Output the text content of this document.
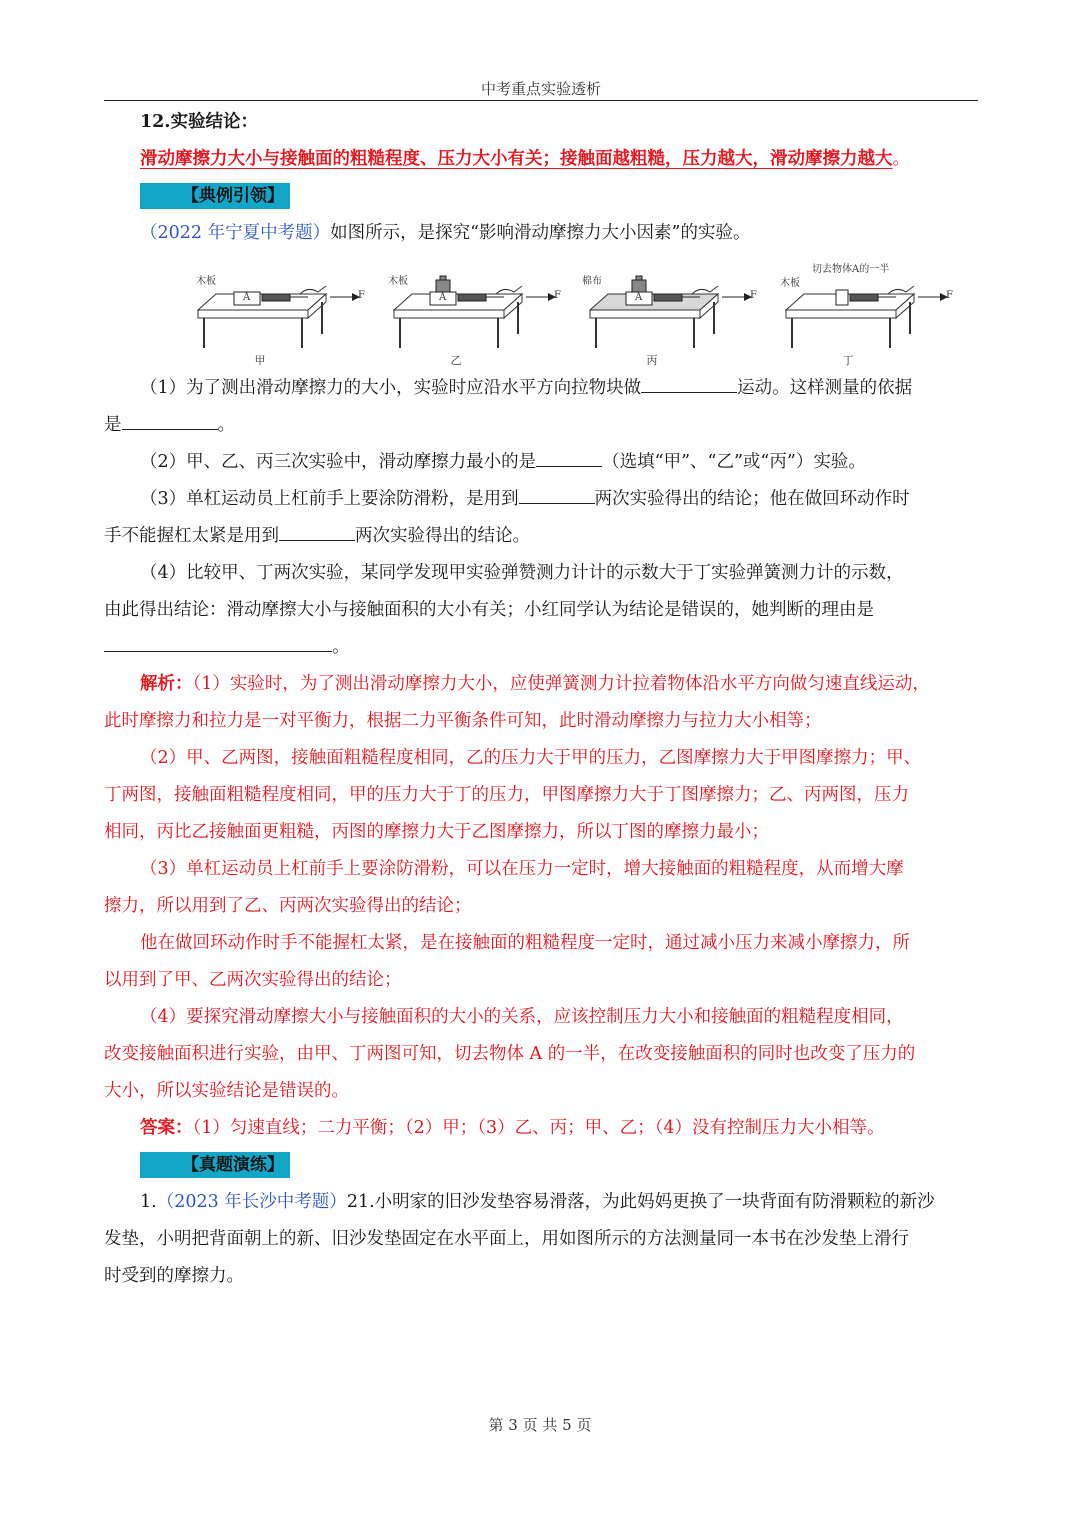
中考重点实验透析

12.实验结论：

滑动摩擦力大小与接触面的粗糙程度、压力大小有关；接触面越粗糙，压力越大，滑动摩擦力越大。

【典例引领】

（2022 年宁夏中考题）如图所示，是探究“影响滑动摩擦力大小因素”的实验。

木板
A	F
甲
木板
A	F
乙
棉布
A	F
丙
木板
切去物体A的一半
F
丁

（1）为了测出滑动摩擦力的大小，实验时应沿水平方向拉物块做	运动。这样测量的依据

是	。

（2）甲、乙、丙三次实验中，滑动摩擦力最小的是	（选填“甲”、“乙”或“丙”）实验。

（3）单杠运动员上杠前手上要涂防滑粉，是用到	两次实验得出的结论；他在做回环动作时

手不能握杠太紧是用到	两次实验得出的结论。

（4）比较甲、丁两次实验，某同学发现甲实验弹赞测力计计的示数大于丁实验弹簧测力计的示数，

由此得出结论：滑动摩擦大小与接触面积的大小有关；小红同学认为结论是错误的，她判断的理由是

。

解析：（1）实验时，为了测出滑动摩擦力大小，应使弹簧测力计拉着物体沿水平方向做匀速直线运动，

此时摩擦力和拉力是一对平衡力，根据二力平衡条件可知，此时滑动摩擦力与拉力大小相等；

（2）甲、乙两图，接触面粗糙程度相同，乙的压力大于甲的压力，乙图摩擦力大于甲图摩擦力；甲、

丁两图，接触面粗糙程度相同，甲的压力大于丁的压力，甲图摩擦力大于丁图摩擦力；乙、丙两图，压力

相同，丙比乙接触面更粗糙，丙图的摩擦力大于乙图摩擦力，所以丁图的摩擦力最小；

（3）单杠运动员上杠前手上要涂防滑粉，可以在压力一定时，增大接触面的粗糙程度，从而增大摩

擦力，所以用到了乙、丙两次实验得出的结论；

他在做回环动作时手不能握杠太紧，是在接触面的粗糙程度一定时，通过减小压力来减小摩擦力，所

以用到了甲、乙两次实验得出的结论；

（4）要探究滑动摩擦大小与接触面积的大小的关系，应该控制压力大小和接触面的粗糙程度相同，

改变接触面积进行实验，由甲、丁两图可知，切去物体 A 的一半，在改变接触面积的同时也改变了压力的

大小，所以实验结论是错误的。

答案：（1）匀速直线；二力平衡；（2）甲；（3）乙、丙；甲、乙；（4）没有控制压力大小相等。

【真题演练】

1.（2023 年长沙中考题）21.小明家的旧沙发垫容易滑落，为此妈妈更换了一块背面有防滑颗粒的新沙

发垫，小明把背面朝上的新、旧沙发垫固定在水平面上，用如图所示的方法测量同一本书在沙发垫上滑行

时受到的摩擦力。

第 3 页 共 5 页
